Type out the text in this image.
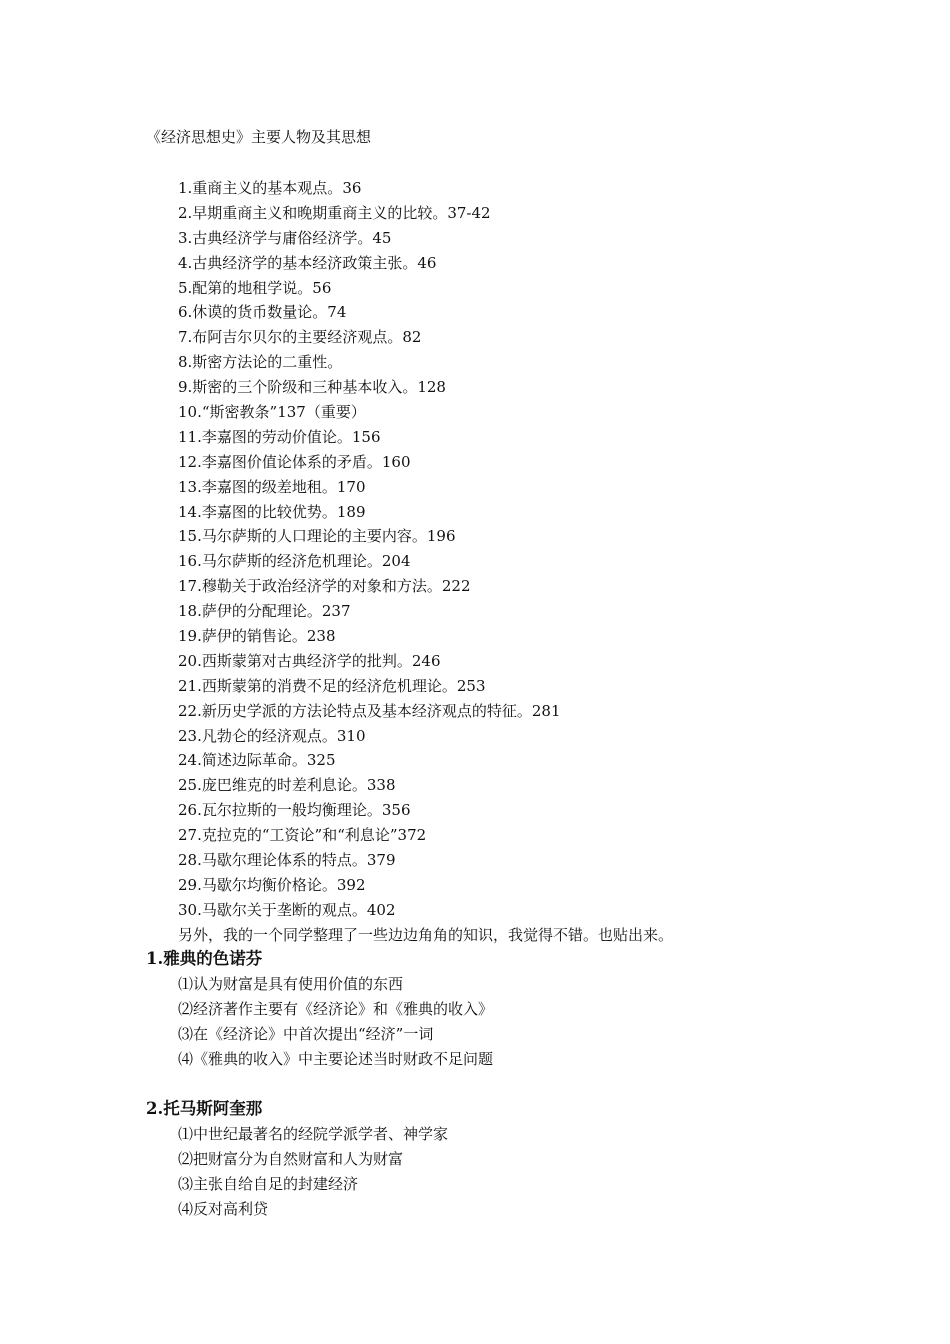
《经济思想史》主要人物及其思想
1.重商主义的基本观点。36
2.早期重商主义和晚期重商主义的比较。37-42
3.古典经济学与庸俗经济学。45
4.古典经济学的基本经济政策主张。46
5.配第的地租学说。56
6.休谟的货币数量论。74
7.布阿吉尔贝尔的主要经济观点。82
8.斯密方法论的二重性。
9.斯密的三个阶级和三种基本收入。128
10.“斯密教条”137（重要）
11.李嘉图的劳动价值论。156
12.李嘉图价值论体系的矛盾。160
13.李嘉图的级差地租。170
14.李嘉图的比较优势。189
15.马尔萨斯的人口理论的主要内容。196
16.马尔萨斯的经济危机理论。204
17.穆勒关于政治经济学的对象和方法。222
18.萨伊的分配理论。237
19.萨伊的销售论。238
20.西斯蒙第对古典经济学的批判。246
21.西斯蒙第的消费不足的经济危机理论。253
22.新历史学派的方法论特点及基本经济观点的特征。281
23.凡勃仑的经济观点。310
24.简述边际革命。325
25.庞巴维克的时差利息论。338
26.瓦尔拉斯的一般均衡理论。356
27.克拉克的“工资论”和“利息论”372
28.马歇尔理论体系的特点。379
29.马歇尔均衡价格论。392
30.马歇尔关于垄断的观点。402
另外，我的一个同学整理了一些边边角角的知识，我觉得不错。也贴出来。
1.雅典的色诺芬
⑴认为财富是具有使用价值的东西
⑵经济著作主要有《经济论》和《雅典的收入》
⑶在《经济论》中首次提出“经济”一词
⑷《雅典的收入》中主要论述当时财政不足问题
2.托马斯阿奎那
⑴中世纪最著名的经院学派学者、神学家
⑵把财富分为自然财富和人为财富
⑶主张自给自足的封建经济
⑷反对高利贷
